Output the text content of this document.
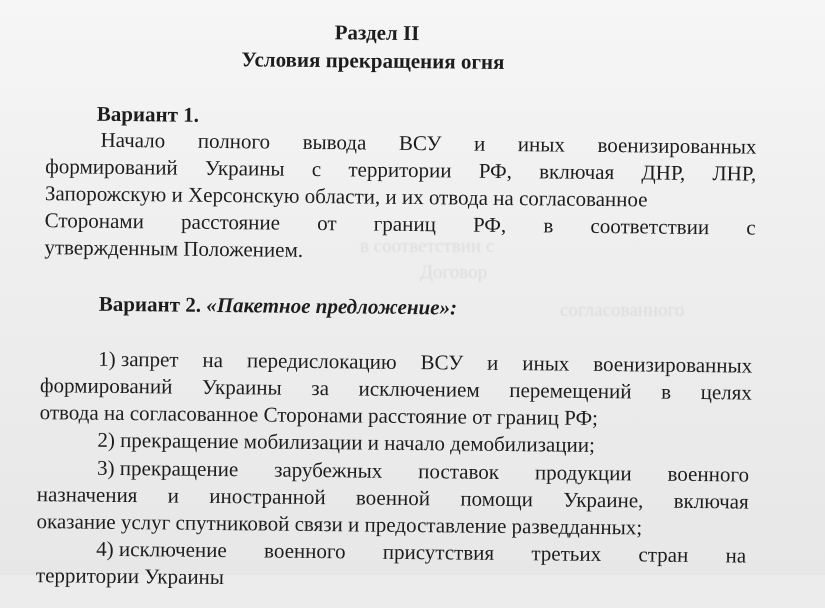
Договор
в соответствии с
согласованного
Раздел II
Условия прекращения огня
Вариант 1.
Начало полного вывода ВСУ и иных военизированных
формирований Украины с территории РФ, включая ДНР, ЛНР,
Запорожскую и Херсонскую области, и их отвода на согласованное
Сторонами расстояние от границ РФ, в соответствии с
утвержденным Положением.
Вариант 2. «Пакетное предложение»:
1) запрет на передислокацию ВСУ и иных военизированных
формирований Украины за исключением перемещений в целях
отвода на согласованное Сторонами расстояние от границ РФ;
2) прекращение мобилизации и начало демобилизации;
3) прекращение зарубежных поставок продукции военного
назначения и иностранной военной помощи Украине, включая
оказание услуг спутниковой связи и предоставление разведданных;
4) исключение военного присутствия третьих стран на
территории Украины
